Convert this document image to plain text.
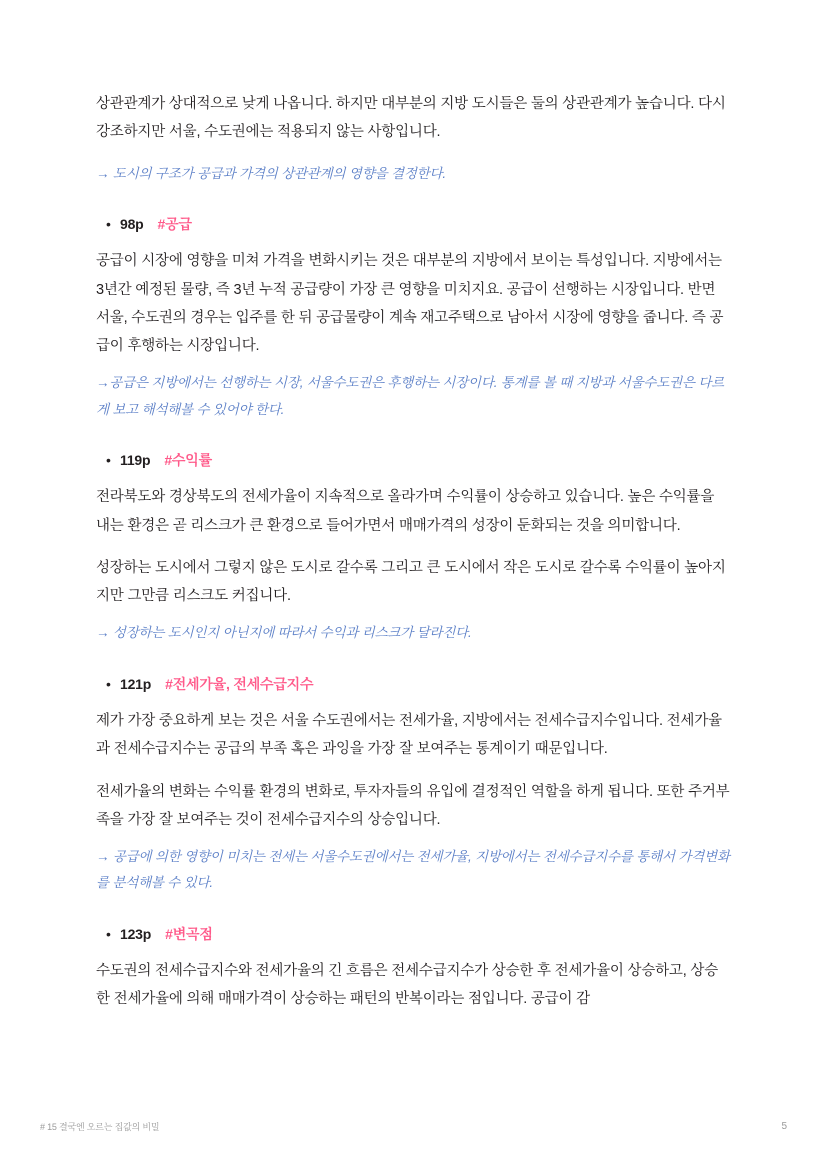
상관관계가 상대적으로 낮게 나옵니다. 하지만 대부분의 지방 도시들은 둘의 상관관계가 높습니다. 다시 강조하지만 서울, 수도권에는 적용되지 않는 사항입니다.

→ 도시의 구조가 공급과 가격의 상관관계의 영향을 결정한다.

• 98p #공급

공급이 시장에 영향을 미쳐 가격을 변화시키는 것은 대부분의 지방에서 보이는 특성입니다. 지방에서는 3년간 예정된 물량, 즉 3년 누적 공급량이 가장 큰 영향을 미치지요. 공급이 선행하는 시장입니다. 반면 서울, 수도권의 경우는 입주를 한 뒤 공급물량이 계속 재고주택으로 남아서 시장에 영향을 줍니다. 즉 공급이 후행하는 시장입니다.

→공급은 지방에서는 선행하는 시장, 서울수도권은 후행하는 시장이다. 통계를 볼 때 지방과 서울수도권은 다르게 보고 해석해볼 수 있어야 한다.

• 119p #수익률

전라북도와 경상북도의 전세가율이 지속적으로 올라가며 수익률이 상승하고 있습니다. 높은 수익률을 내는 환경은 곧 리스크가 큰 환경으로 들어가면서 매매가격의 성장이 둔화되는 것을 의미합니다.

성장하는 도시에서 그렇지 않은 도시로 갈수록 그리고 큰 도시에서 작은 도시로 갈수록 수익률이 높아지지만 그만큼 리스크도 커집니다.

→ 성장하는 도시인지 아닌지에 따라서 수익과 리스크가 달라진다.

• 121p #전세가율, 전세수급지수

제가 가장 중요하게 보는 것은 서울 수도권에서는 전세가율, 지방에서는 전세수급지수입니다. 전세가율과 전세수급지수는 공급의 부족 혹은 과잉을 가장 잘 보여주는 통계이기 때문입니다.

전세가율의 변화는 수익률 환경의 변화로, 투자자들의 유입에 결정적인 역할을 하게 됩니다. 또한 주거부족을 가장 잘 보여주는 것이 전세수급지수의 상승입니다.

→ 공급에 의한 영향이 미치는 전세는 서울수도권에서는 전세가율, 지방에서는 전세수급지수를 통해서 가격변화를 분석해볼 수 있다.

• 123p #변곡점

수도권의 전세수급지수와 전세가율의 긴 흐름은 전세수급지수가 상승한 후 전세가율이 상승하고, 상승한 전세가율에 의해 매매가격이 상승하는 패턴의 반복이라는 점입니다. 공급이 감

# 15 결국엔 오르는 집값의 비밀	5
